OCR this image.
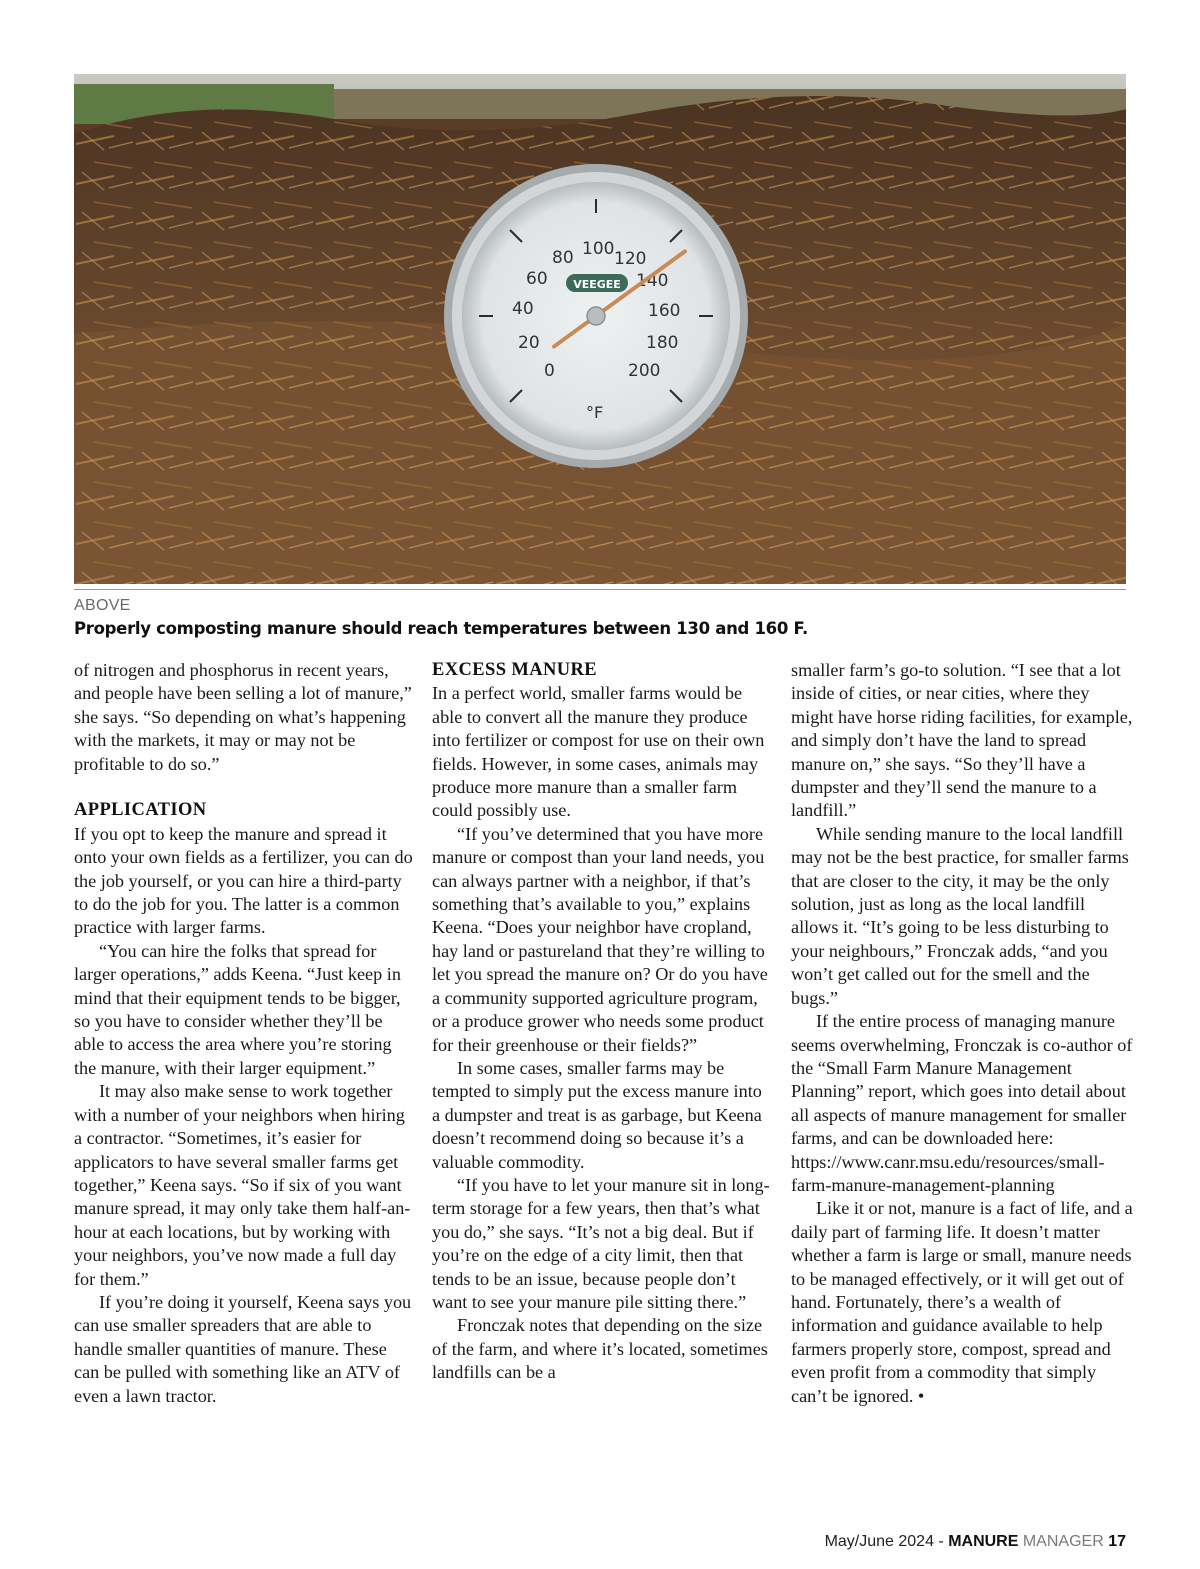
0
20
40
60
80 100 120
140
160
180
200
VEEGEE
°F
ABOVE
Properly composting manure should reach temperatures between 130 and 160 F.

of nitrogen and phosphorus in recent years, and people have been selling a lot of manure,” she says. “So depending on what’s happening with the markets, it may or may not be profitable to do so.”

APPLICATION

If you opt to keep the manure and spread it onto your own fields as a fertilizer, you can do the job yourself, or you can hire a third-party to do the job for you. The latter is a common practice with larger farms.

“You can hire the folks that spread for larger operations,” adds Keena. “Just keep in mind that their equipment tends to be bigger, so you have to consider whether they’ll be able to access the area where you’re storing the manure, with their larger equipment.”

It may also make sense to work together with a number of your neighbors when hiring a contractor. “Sometimes, it’s easier for applicators to have several smaller farms get together,” Keena says. “So if six of you want manure spread, it may only take them half-an-hour at each locations, but by working with your neighbors, you’ve now made a full day for them.”

If you’re doing it yourself, Keena says you can use smaller spreaders that are able to handle smaller quantities of manure. These can be pulled with something like an ATV of even a lawn tractor.

EXCESS MANURE

In a perfect world, smaller farms would be able to convert all the manure they produce into fertilizer or compost for use on their own fields. However, in some cases, animals may produce more manure than a smaller farm could possibly use.

“If you’ve determined that you have more manure or compost than your land needs, you can always partner with a neighbor, if that’s something that’s available to you,” explains Keena. “Does your neighbor have cropland, hay land or pastureland that they’re willing to let you spread the manure on? Or do you have a community supported agriculture program, or a produce grower who needs some product for their greenhouse or their fields?”

In some cases, smaller farms may be tempted to simply put the excess manure into a dumpster and treat is as garbage, but Keena doesn’t recommend doing so because it’s a valuable commodity.

“If you have to let your manure sit in long-term storage for a few years, then that’s what you do,” she says. “It’s not a big deal. But if you’re on the edge of a city limit, then that tends to be an issue, because people don’t want to see your manure pile sitting there.”

Fronczak notes that depending on the size of the farm, and where it’s located, sometimes landfills can be a

smaller farm’s go-to solution. “I see that a lot inside of cities, or near cities, where they might have horse riding facilities, for example, and simply don’t have the land to spread manure on,” she says. “So they’ll have a dumpster and they’ll send the manure to a landfill.”

While sending manure to the local landfill may not be the best practice, for smaller farms that are closer to the city, it may be the only solution, just as long as the local landfill allows it. “It’s going to be less disturbing to your neighbours,” Fronczak adds, “and you won’t get called out for the smell and the bugs.”

If the entire process of managing manure seems overwhelming, Fronczak is co-author of the “Small Farm Manure Management Planning” report, which goes into detail about all aspects of manure management for smaller farms, and can be downloaded here: https://www.canr.msu.edu/resources/small-farm-manure-management-planning

Like it or not, manure is a fact of life, and a daily part of farming life. It doesn’t matter whether a farm is large or small, manure needs to be managed effectively, or it will get out of hand. Fortunately, there’s a wealth of information and guidance available to help farmers properly store, compost, spread and even profit from a commodity that simply can’t be ignored. •

May/June 2024 - MANURE MANAGER 17
